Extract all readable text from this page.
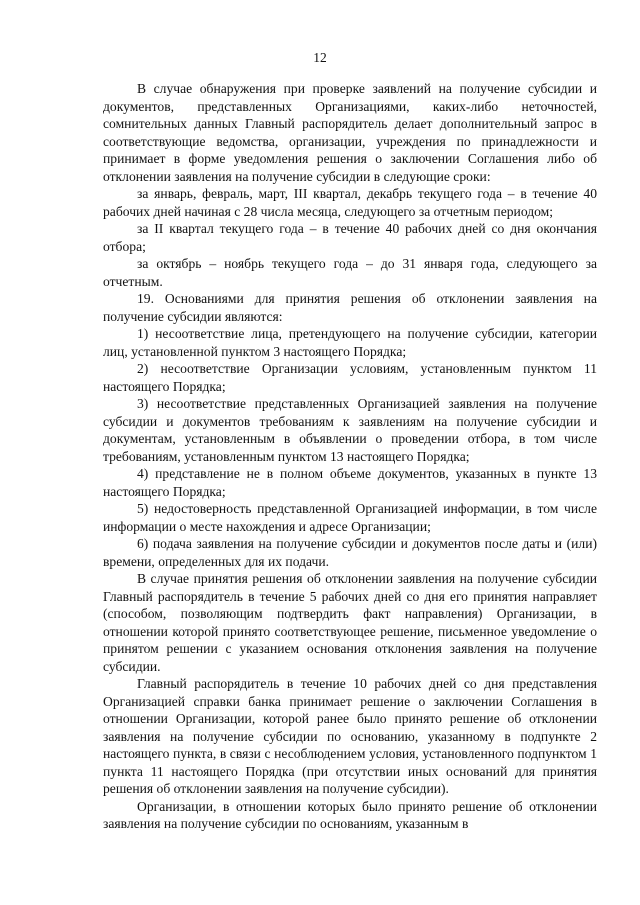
12

В случае обнаружения при проверке заявлений на получение субсидии и документов, представленных Организациями, каких-либо неточностей, сомнительных данных Главный распорядитель делает дополнительный запрос в соответствующие ведомства, организации, учреждения по принадлежности и принимает в форме уведомления решения о заключении Соглашения либо об отклонении заявления на получение субсидии в следующие сроки:

за январь, февраль, март, III квартал, декабрь текущего года – в течение 40 рабочих дней начиная с 28 числа месяца, следующего за отчетным периодом;

за II квартал текущего года – в течение 40 рабочих дней со дня окончания отбора;

за октябрь – ноябрь текущего года – до 31 января года, следующего за отчетным.

19. Основаниями для принятия решения об отклонении заявления на получение субсидии являются:

1) несоответствие лица, претендующего на получение субсидии, категории лиц, установленной пунктом 3 настоящего Порядка;

2) несоответствие Организации условиям, установленным пунктом 11 настоящего Порядка;

3) несоответствие представленных Организацией заявления на получение субсидии и документов требованиям к заявлениям на получение субсидии и документам, установленным в объявлении о проведении отбора, в том числе требованиям, установленным пунктом 13 настоящего Порядка;

4) представление не в полном объеме документов, указанных в пункте 13 настоящего Порядка;

5) недостоверность представленной Организацией информации, в том числе информации о месте нахождения и адресе Организации;

6) подача заявления на получение субсидии и документов после даты и (или) времени, определенных для их подачи.

В случае принятия решения об отклонении заявления на получение субсидии Главный распорядитель в течение 5 рабочих дней со дня его принятия направляет (способом, позволяющим подтвердить факт направления) Организации, в отношении которой принято соответствующее решение, письменное уведомление о принятом решении с указанием основания отклонения заявления на получение субсидии.

Главный распорядитель в течение 10 рабочих дней со дня представления Организацией справки банка принимает решение о заключении Соглашения в отношении Организации, которой ранее было принято решение об отклонении заявления на получение субсидии по основанию, указанному в подпункте 2 настоящего пункта, в связи с несоблюдением условия, установленного подпунктом 1 пункта 11 настоящего Порядка (при отсутствии иных оснований для принятия решения об отклонении заявления на получение субсидии).

Организации, в отношении которых было принято решение об отклонении заявления на получение субсидии по основаниям, указанным в
